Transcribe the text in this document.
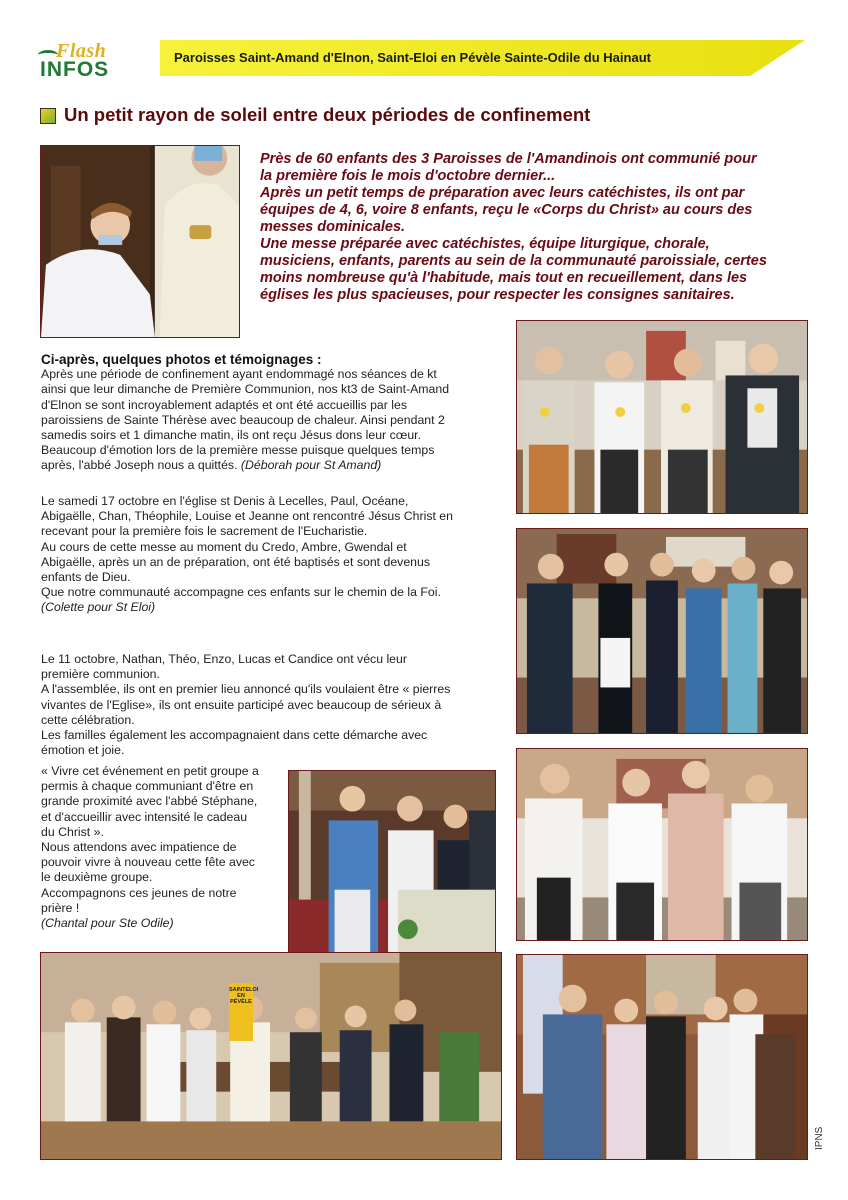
Flash
INFOS
Paroisses Saint-Amand d'Elnon, Saint-Eloi en Pévèle Sainte-Odile du Hainaut
Un petit rayon de soleil entre deux périodes de confinement

Près de 60 enfants des 3 Paroisses de l'Amandinois ont communié pour

la première fois le mois d'octobre dernier...

Après un petit temps de préparation avec leurs catéchistes, ils ont par

équipes de 4, 6, voire 8 enfants, reçu le «Corps du Christ» au cours des

messes dominicales.

Une messe préparée avec catéchistes, équipe liturgique, chorale,

musiciens, enfants, parents au sein de la communauté paroissiale, certes

moins nombreuse qu'à l'habitude, mais tout en recueillement, dans les

églises les plus spacieuses, pour respecter les consignes sanitaires.

Ci-après, quelques photos et témoignages :

Après une période de confinement ayant endommagé nos séances de kt

ainsi que leur dimanche de Première Communion, nos kt3 de Saint-Amand

d'Elnon se sont incroyablement adaptés et ont été accueillis par les

paroissiens de Sainte Thérèse avec beaucoup de chaleur. Ainsi pendant 2

samedis soirs et 1 dimanche matin, ils ont reçu Jésus dons leur cœur.

Beaucoup d'émotion lors de la première messe puisque quelques temps

après, l'abbé Joseph nous a quittés. (Déborah pour St Amand)

Le samedi 17 octobre en l'église st Denis à Lecelles, Paul, Océane,

Abigaëlle, Chan, Théophile, Louise et Jeanne ont rencontré Jésus Christ en

recevant pour la première fois le sacrement de l'Eucharistie.

Au cours de cette messe au moment du Credo, Ambre, Gwendal et

Abigaëlle, après un an de préparation, ont été baptisés et sont devenus

enfants de Dieu.

Que notre communauté accompagne ces enfants sur le chemin de la Foi.

(Colette pour St Eloi)

Le 11 octobre, Nathan, Théo, Enzo, Lucas et Candice ont vécu leur

première communion.

A l'assemblée, ils ont en premier lieu annoncé qu'ils voulaient être « pierres

vivantes de l'Eglise», ils ont ensuite participé avec beaucoup de sérieux à

cette célébration.

Les familles également les accompagnaient dans cette démarche avec

émotion et joie.

« Vivre cet événement en petit groupe a

permis à chaque communiant d'être en

grande proximité avec l'abbé Stéphane,

et d'accueillir avec intensité le cadeau

du Christ ».

Nous attendons avec impatience de

pouvoir vivre à nouveau cette fête avec

le deuxième groupe.

Accompagnons ces jeunes de notre

prière !

(Chantal pour Ste Odile)

SAINTELOI
EN PÉVÈLE
IPNS
